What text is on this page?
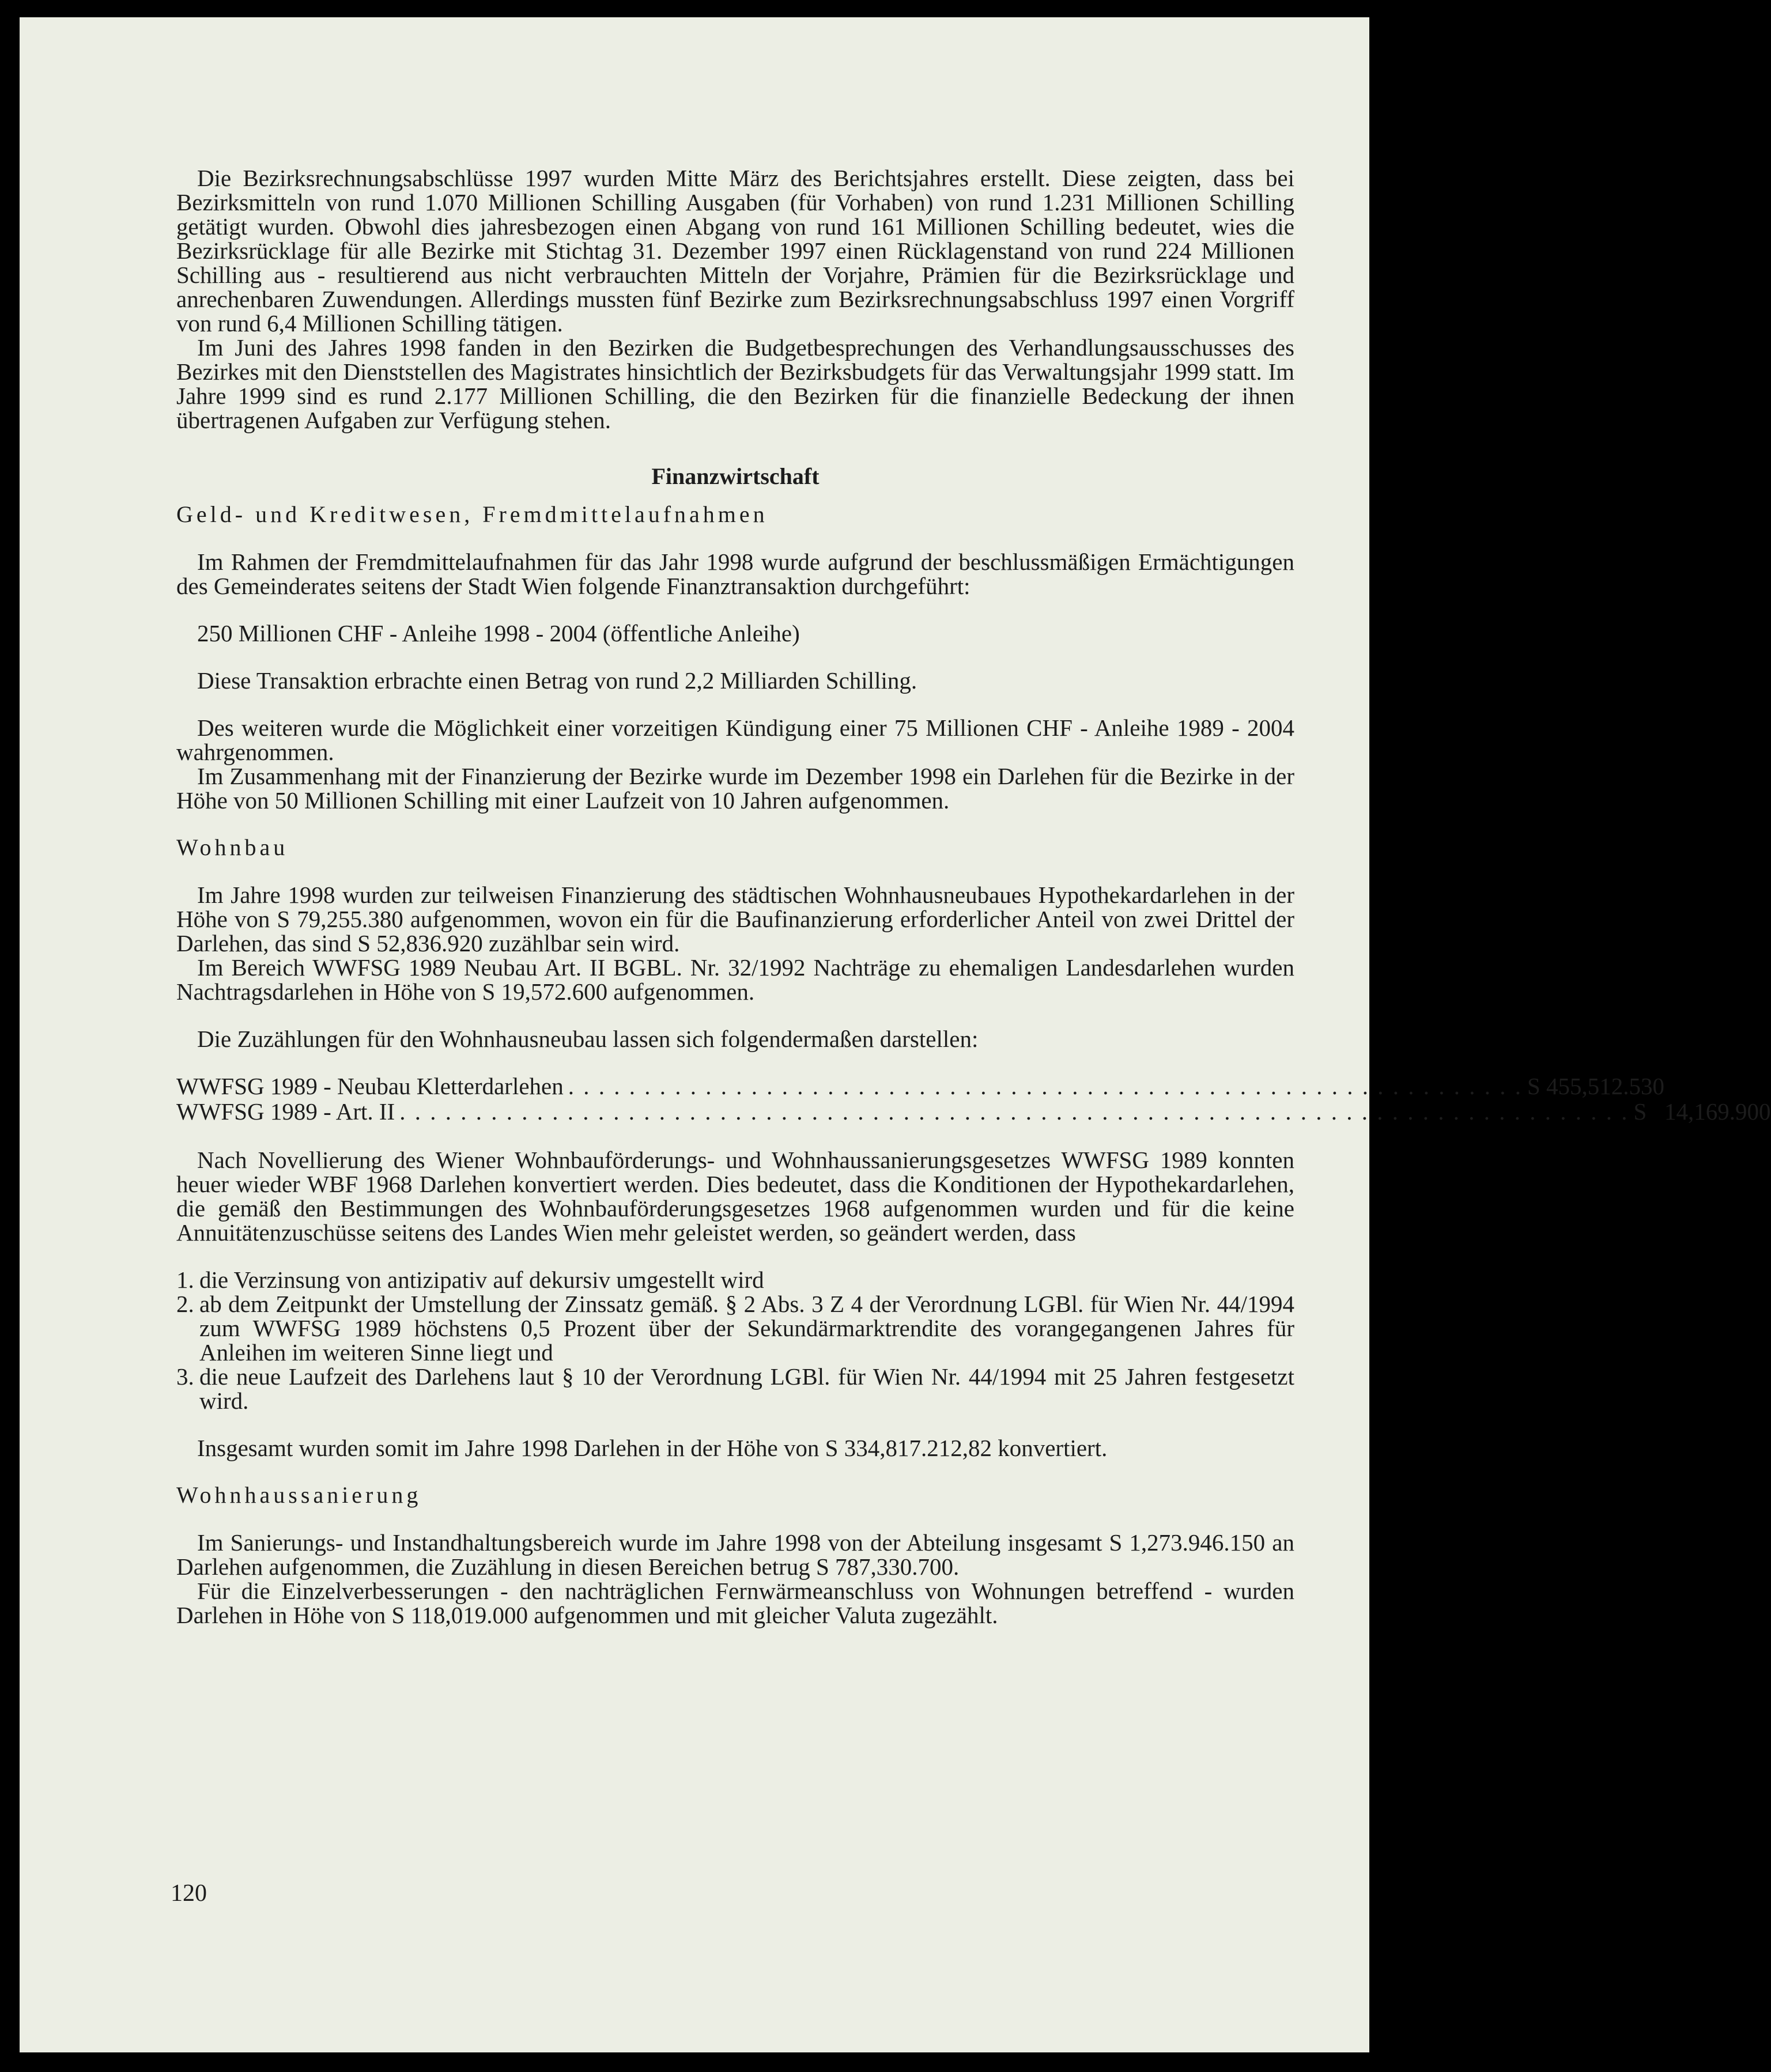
Die Bezirksrechnungsabschlüsse 1997 wurden Mitte März des Berichtsjahres erstellt. Diese zeigten, dass bei Bezirksmitteln von rund 1.070 Millionen Schilling Ausgaben (für Vorhaben) von rund 1.231 Millionen Schilling getätigt wurden. Obwohl dies jahresbezogen einen Abgang von rund 161 Millionen Schilling bedeutet, wies die Bezirksrücklage für alle Bezirke mit Stichtag 31. Dezember 1997 einen Rücklagenstand von rund 224 Millionen Schilling aus - resultierend aus nicht verbrauchten Mitteln der Vorjahre, Prämien für die Bezirksrücklage und anrechenbaren Zuwendungen. Allerdings mussten fünf Bezirke zum Bezirksrechnungsabschluss 1997 einen Vorgriff von rund 6,4 Millionen Schilling tätigen.

Im Juni des Jahres 1998 fanden in den Bezirken die Budgetbesprechungen des Verhandlungsausschusses des Bezirkes mit den Dienststellen des Magistrates hinsichtlich der Bezirksbudgets für das Verwaltungsjahr 1999 statt. Im Jahre 1999 sind es rund 2.177 Millionen Schilling, die den Bezirken für die finanzielle Bedeckung der ihnen übertragenen Aufgaben zur Verfügung stehen.

Finanzwirtschaft

Geld- und Kreditwesen, Fremdmittelaufnahmen

Im Rahmen der Fremdmittelaufnahmen für das Jahr 1998 wurde aufgrund der beschlussmäßigen Ermächtigungen des Gemeinderates seitens der Stadt Wien folgende Finanztransaktion durchgeführt:

250 Millionen CHF - Anleihe 1998 - 2004 (öffentliche Anleihe)

Diese Transaktion erbrachte einen Betrag von rund 2,2 Milliarden Schilling.

Des weiteren wurde die Möglichkeit einer vorzeitigen Kündigung einer 75 Millionen CHF - Anleihe 1989 - 2004 wahrgenommen.

Im Zusammenhang mit der Finanzierung der Bezirke wurde im Dezember 1998 ein Darlehen für die Bezirke in der Höhe von 50 Millionen Schilling mit einer Laufzeit von 10 Jahren aufgenommen.

Wohnbau

Im Jahre 1998 wurden zur teilweisen Finanzierung des städtischen Wohnhausneubaues Hypothekardarlehen in der Höhe von S 79,255.380 aufgenommen, wovon ein für die Baufinanzierung erforderlicher Anteil von zwei Drittel der Darlehen, das sind S 52,836.920 zuzählbar sein wird.

Im Bereich WWFSG 1989 Neubau Art. II BGBL. Nr. 32/1992 Nachträge zu ehemaligen Landesdarlehen wurden Nachtragsdarlehen in Höhe von S 19,572.600 aufgenommen.

Die Zuzählungen für den Wohnhausneubau lassen sich folgendermaßen darstellen:

WWFSG 1989 - Neubau Kletterdarlehen . . . . . . . . . . . . . . . . . . . . . . . . . . . . . . . . . . . . . . . . . . . . . . . . . . . . . . . . . . . . . . . S 455,512.530
WWFSG 1989 - Art. II . . . . . . . . . . . . . . . . . . . . . . . . . . . . . . . . . . . . . . . . . . . . . . . . . . . . . . . . . . . . . . . . . . . . . . . . . . . . . . . . . S   14,169.900

Nach Novellierung des Wiener Wohnbauförderungs- und Wohnhaussanierungsgesetzes WWFSG 1989 konnten heuer wieder WBF 1968 Darlehen konvertiert werden. Dies bedeutet, dass die Konditionen der Hypothekardarlehen, die gemäß den Bestimmungen des Wohnbauförderungsgesetzes 1968 aufgenommen wurden und für die keine Annuitätenzuschüsse seitens des Landes Wien mehr geleistet werden, so geändert werden, dass

1. die Verzinsung von antizipativ auf dekursiv umgestellt wird
2. ab dem Zeitpunkt der Umstellung der Zinssatz gemäß. § 2 Abs. 3 Z 4 der Verordnung LGBl. für Wien Nr. 44/1994 zum WWFSG 1989 höchstens 0,5 Prozent über der Sekundärmarktrendite des vorangegangenen Jahres für Anleihen im weiteren Sinne liegt und
3. die neue Laufzeit des Darlehens laut § 10 der Verordnung LGBl. für Wien Nr. 44/1994 mit 25 Jahren festgesetzt wird.

Insgesamt wurden somit im Jahre 1998 Darlehen in der Höhe von S 334,817.212,82 konvertiert.

Wohnhaussanierung

Im Sanierungs- und Instandhaltungsbereich wurde im Jahre 1998 von der Abteilung insgesamt S 1,273.946.150 an Darlehen aufgenommen, die Zuzählung in diesen Bereichen betrug S 787,330.700.

Für die Einzelverbesserungen - den nachträglichen Fernwärmeanschluss von Wohnungen betreffend - wurden Darlehen in Höhe von S 118,019.000 aufgenommen und mit gleicher Valuta zugezählt.

120
